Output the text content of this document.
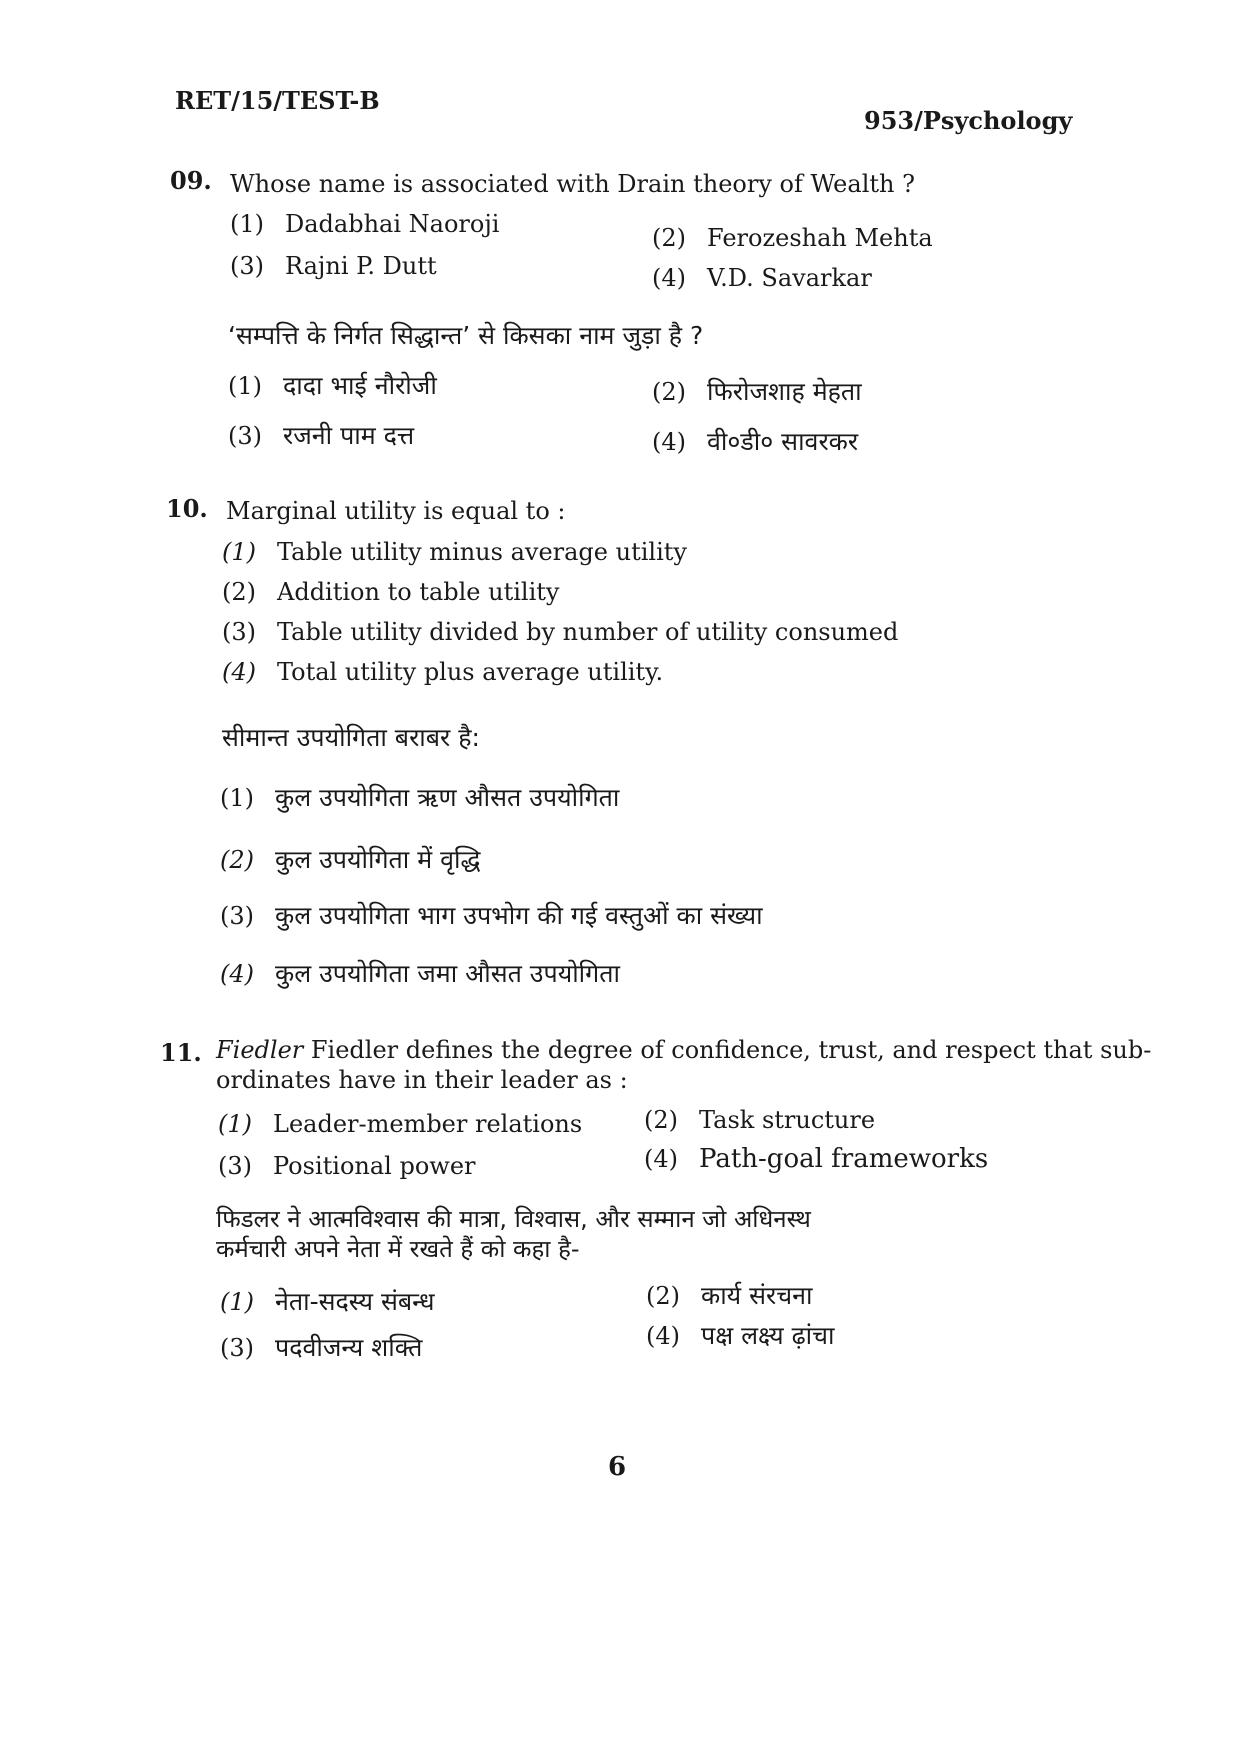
RET/15/TEST-B
953/Psychology
09. Whose name is associated with Drain theory of Wealth ?
(1) Dadabhai Naoroji	(2) Ferozeshah Mehta
(3) Rajni P. Dutt	(4) V.D. Savarkar
‘सम्पत्ति के निर्गत सिद्धान्त’ से किसका नाम जुड़ा है ?
(1) दादा भाई नौरोजी	(2) फिरोजशाह मेहता
(3) रजनी पाम दत्त	(4) वी०डी० सावरकर
10. Marginal utility is equal to :
(1) Table utility minus average utility
(2) Addition to table utility
(3) Table utility divided by number of utility consumed
(4) Total utility plus average utility.
सीमान्त उपयोगिता बराबर है:
(1) कुल उपयोगिता ऋण औसत उपयोगिता
(2) कुल उपयोगिता में वृद्धि
(3) कुल उपयोगिता भाग उपभोग की गई वस्तुओं का संख्या
(4) कुल उपयोगिता जमा औसत उपयोगिता
11. Fiedler Fiedler defines the degree of confidence, trust, and respect that sub-
ordinates have in their leader as :
(1) Leader-member relations	(2) Task structure
(3) Positional power	(4) Path-goal frameworks
फिडलर ने आत्मविश्वास की मात्रा, विश्वास, और सम्मान जो अधिनस्थ
कर्मचारी अपने नेता में रखते हैं को कहा है-
(1) नेता-सदस्य संबन्ध	(2) कार्य संरचना
(3) पदवीजन्य शक्ति	(4) पक्ष लक्ष्य ढ़ांचा
6
